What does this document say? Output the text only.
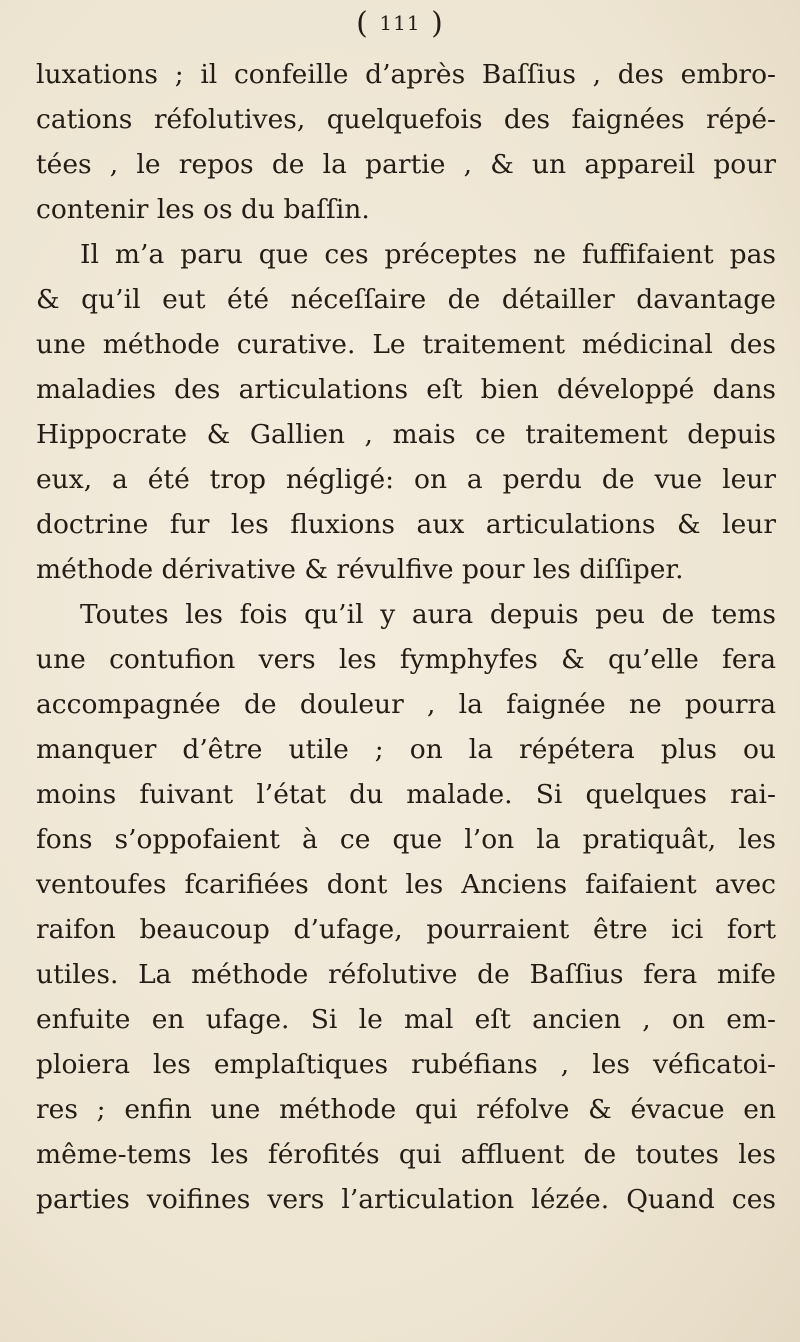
( 111 )
luxations ; il confeille d’après Baſſius , des embro-
cations réfolutives, quelquefois des faignées répé-
tées , le repos de la partie , & un appareil pour
contenir les os du baſſin.
Il m’a paru que ces préceptes ne fuffifaient pas
& qu’il eut été néceſſaire de détailler davantage
une méthode curative. Le traitement médicinal des
maladies des articulations eſt bien développé dans
Hippocrate & Gallien , mais ce traitement depuis
eux, a été trop négligé: on a perdu de vue leur
doctrine fur les fluxions aux articulations & leur
méthode dérivative & révulfive pour les diſſiper.
Toutes les fois qu’il y aura depuis peu de tems
une contufion vers les fymphyfes & qu’elle fera
accompagnée de douleur , la faignée ne pourra
manquer d’être utile ; on la répétera plus ou
moins fuivant l’état du malade. Si quelques rai-
fons s’oppofaient à ce que l’on la pratiquât, les
ventoufes fcarifiées dont les Anciens faifaient avec
raifon beaucoup d’ufage, pourraient être ici fort
utiles. La méthode réfolutive de Baſſius fera mife
enfuite en ufage. Si le mal eſt ancien , on em-
ploiera les emplaſtiques rubéfians , les véficatoi-
res ; enfin une méthode qui réfolve & évacue en
même-tems les férofités qui affluent de toutes les
parties voifines vers l’articulation lézée. Quand ces
